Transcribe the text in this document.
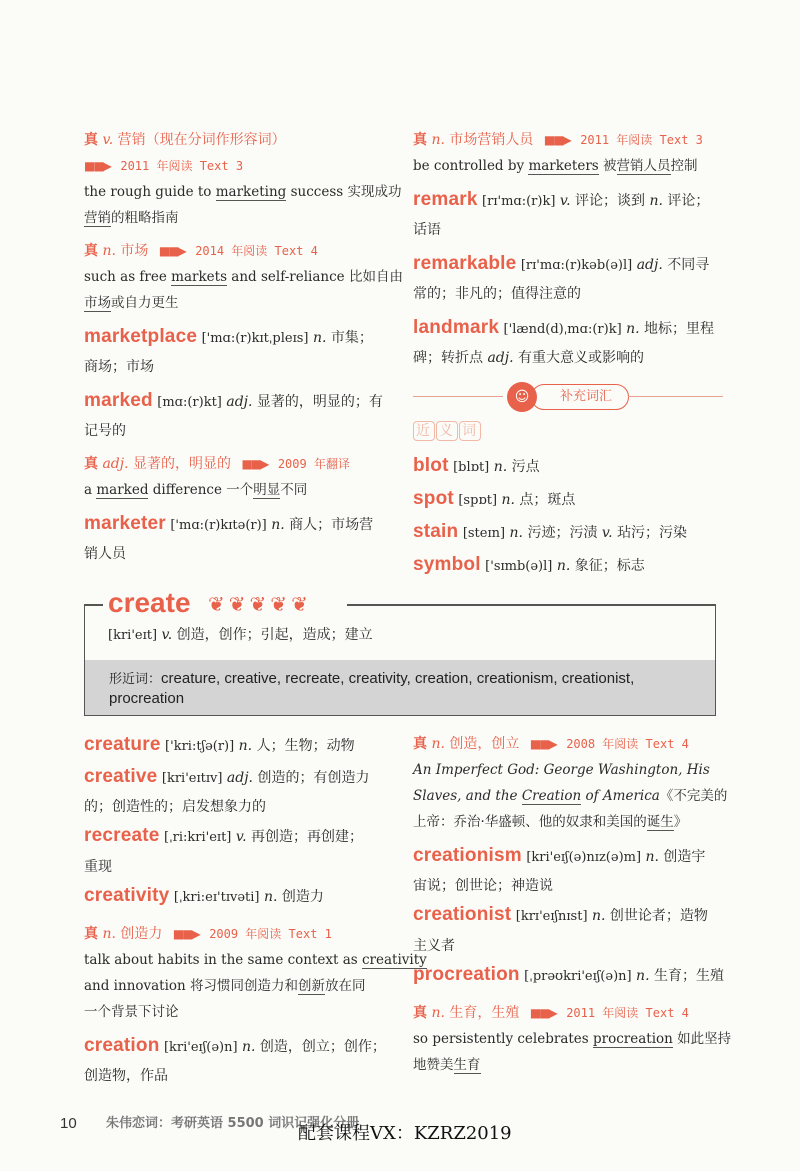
真 v. 营销（现在分词作形容词）
■■▶ 2011 年阅读 Text 3
the rough guide to marketing success 实现成功
营销的粗略指南
真 n. 市场 ■■▶ 2014 年阅读 Text 4
such as free markets and self-reliance 比如自由
市场或自力更生
marketplace ['mɑ:(r)kɪtˌpleɪs] n. 市集；
商场；市场
marked [mɑ:(r)kt] adj. 显著的，明显的；有
记号的
真 adj. 显著的，明显的 ■■▶ 2009 年翻译
a marked difference 一个明显不同
marketer ['mɑ:(r)kɪtə(r)] n. 商人；市场营
销人员
真 n. 市场营销人员 ■■▶ 2011 年阅读 Text 3
be controlled by marketers 被营销人员控制
remark [rɪ'mɑ:(r)k] v. 评论；谈到 n. 评论；
话语
remarkable [rɪ'mɑ:(r)kəb(ə)l] adj. 不同寻
常的；非凡的；值得注意的
landmark ['lænd(d)ˌmɑ:(r)k] n. 地标；里程
碑；转折点 adj. 有重大意义或影响的
补充词汇
☺
近 义 词
blot [blɒt] n. 污点
spot [spɒt] n. 点；斑点
stain [steɪn] n. 污迹；污渍 v. 玷污；污染
symbol ['sɪmb(ə)l] n. 象征；标志
create ❦ ❦ ❦ ❦ ❦
[kri'eɪt] v. 创造，创作；引起，造成；建立
形近词：creature, creative, recreate, creativity, creation, creationism, creationist, procreation
creature ['kri:tʃə(r)] n. 人；生物；动物
creative [kri'eɪtɪv] adj. 创造的；有创造力
的；创造性的；启发想象力的
recreate [ˌri:kri'eɪt] v. 再创造；再创建；
重现
creativity [ˌkri:eɪ'tɪvəti] n. 创造力
真 n. 创造力 ■■▶ 2009 年阅读 Text 1
talk about habits in the same context as creativity
and innovation 将习惯同创造力和创新放在同
一个背景下讨论
creation [kri'eɪʃ(ə)n] n. 创造，创立；创作；
创造物，作品
真 n. 创造，创立 ■■▶ 2008 年阅读 Text 4
An Imperfect God: George Washington, His
Slaves, and the Creation of America《不完美的
上帝：乔治·华盛顿、他的奴隶和美国的诞生》
creationism [kri'eɪʃ(ə)nɪz(ə)m] n. 创造宇
宙说；创世论；神造说
creationist [krɪ'eɪʃnɪst] n. 创世论者；造物
主义者
procreation [ˌprəʊkri'eɪʃ(ə)n] n. 生育；生殖
真 n. 生育，生殖 ■■▶ 2011 年阅读 Text 4
so persistently celebrates procreation 如此坚持
地赞美生育
10 朱伟恋词：考研英语 5500 词识记强化分册
配套课程VX：KZRZ2019
